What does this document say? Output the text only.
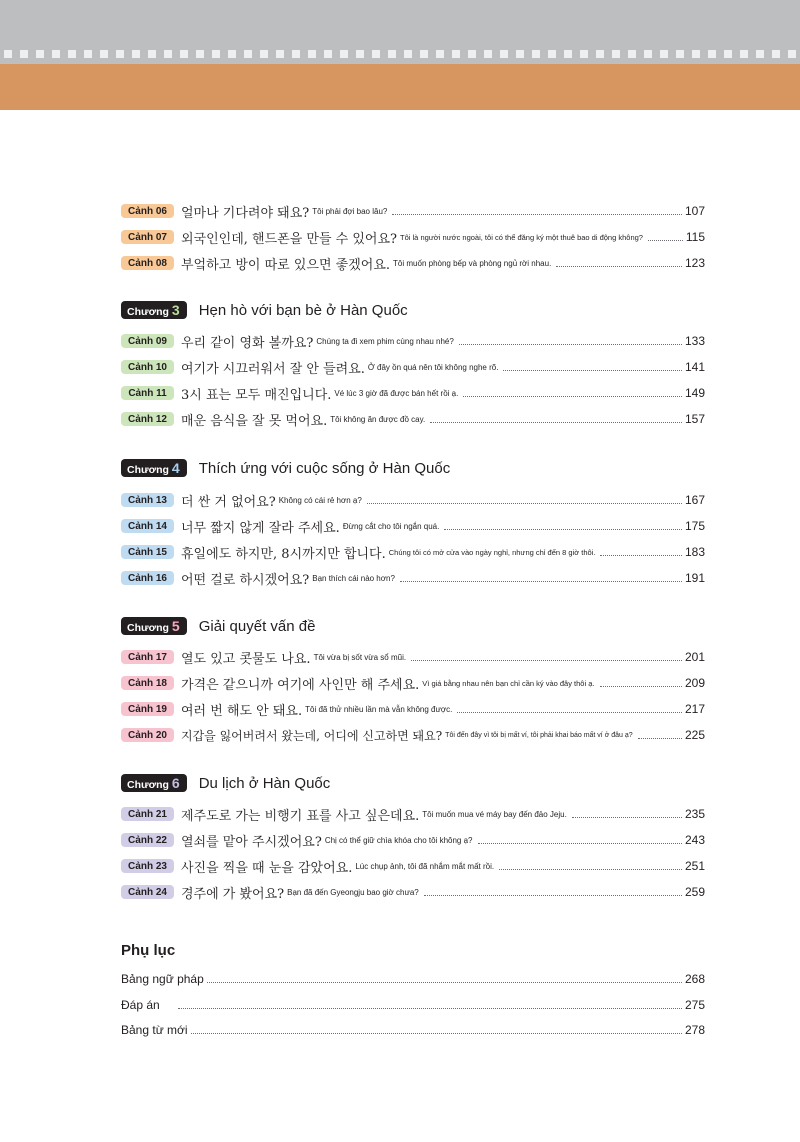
Cảnh 06	얼마나 기다려야 돼요? Tôi phải đợi bao lâu?	107
Cảnh 07	외국인인데, 핸드폰을 만들 수 있어요? Tôi là người nước ngoài, tôi có thể đăng ký một thuê bao di động không?	115
Cảnh 08	부엌하고 방이 따로 있으면 좋겠어요. Tôi muốn phòng bếp và phòng ngủ rời nhau.	123
Chương 3 Hẹn hò với bạn bè ở Hàn Quốc
Cảnh 09	우리 같이 영화 볼까요? Chúng ta đi xem phim cùng nhau nhé?	133
Cảnh 10	여기가 시끄러워서 잘 안 들려요. Ở đây ồn quá nên tôi không nghe rõ.	141
Cảnh 11	3시 표는 모두 매진입니다. Vé lúc 3 giờ đã được bán hết rồi ạ.	149
Cảnh 12	매운 음식을 잘 못 먹어요. Tôi không ăn được đồ cay.	157
Chương 4 Thích ứng với cuộc sống ở Hàn Quốc
Cảnh 13	더 싼 거 없어요? Không có cái rẻ hơn ạ?	167
Cảnh 14	너무 짧지 않게 잘라 주세요. Đừng cắt cho tôi ngắn quá.	175
Cảnh 15	휴일에도 하지만, 8시까지만 합니다. Chúng tôi có mở cửa vào ngày nghỉ, nhưng chỉ đến 8 giờ thôi.	183
Cảnh 16	어떤 걸로 하시겠어요? Bạn thích cái nào hơn?	191
Chương 5 Giải quyết vấn đề
Cảnh 17	열도 있고 콧물도 나요. Tôi vừa bị sốt vừa sổ mũi.	201
Cảnh 18	가격은 같으니까 여기에 사인만 해 주세요. Vì giá bằng nhau nên bạn chỉ cần ký vào đây thôi ạ.	209
Cảnh 19	여러 번 해도 안 돼요. Tôi đã thử nhiều lần mà vẫn không được.	217
Cảnh 20	지갑을 잃어버려서 왔는데, 어디에 신고하면 돼요? Tôi đến đây vì tôi bị mất ví, tôi phải khai báo mất ví ở đâu ạ?	225
Chương 6 Du lịch ở Hàn Quốc
Cảnh 21	제주도로 가는 비행기 표를 사고 싶은데요. Tôi muốn mua vé máy bay đến đảo Jeju.	235
Cảnh 22	열쇠를 맡아 주시겠어요? Chị có thể giữ chìa khóa cho tôi không ạ?	243
Cảnh 23	사진을 찍을 때 눈을 감았어요. Lúc chụp ảnh, tôi đã nhắm mắt mất rồi.	251
Cảnh 24	경주에 가 봤어요? Bạn đã đến Gyeongju bao giờ chưa?	259
Phụ lục
Bảng ngữ pháp	268
Đáp án	275
Bảng từ mới	278
